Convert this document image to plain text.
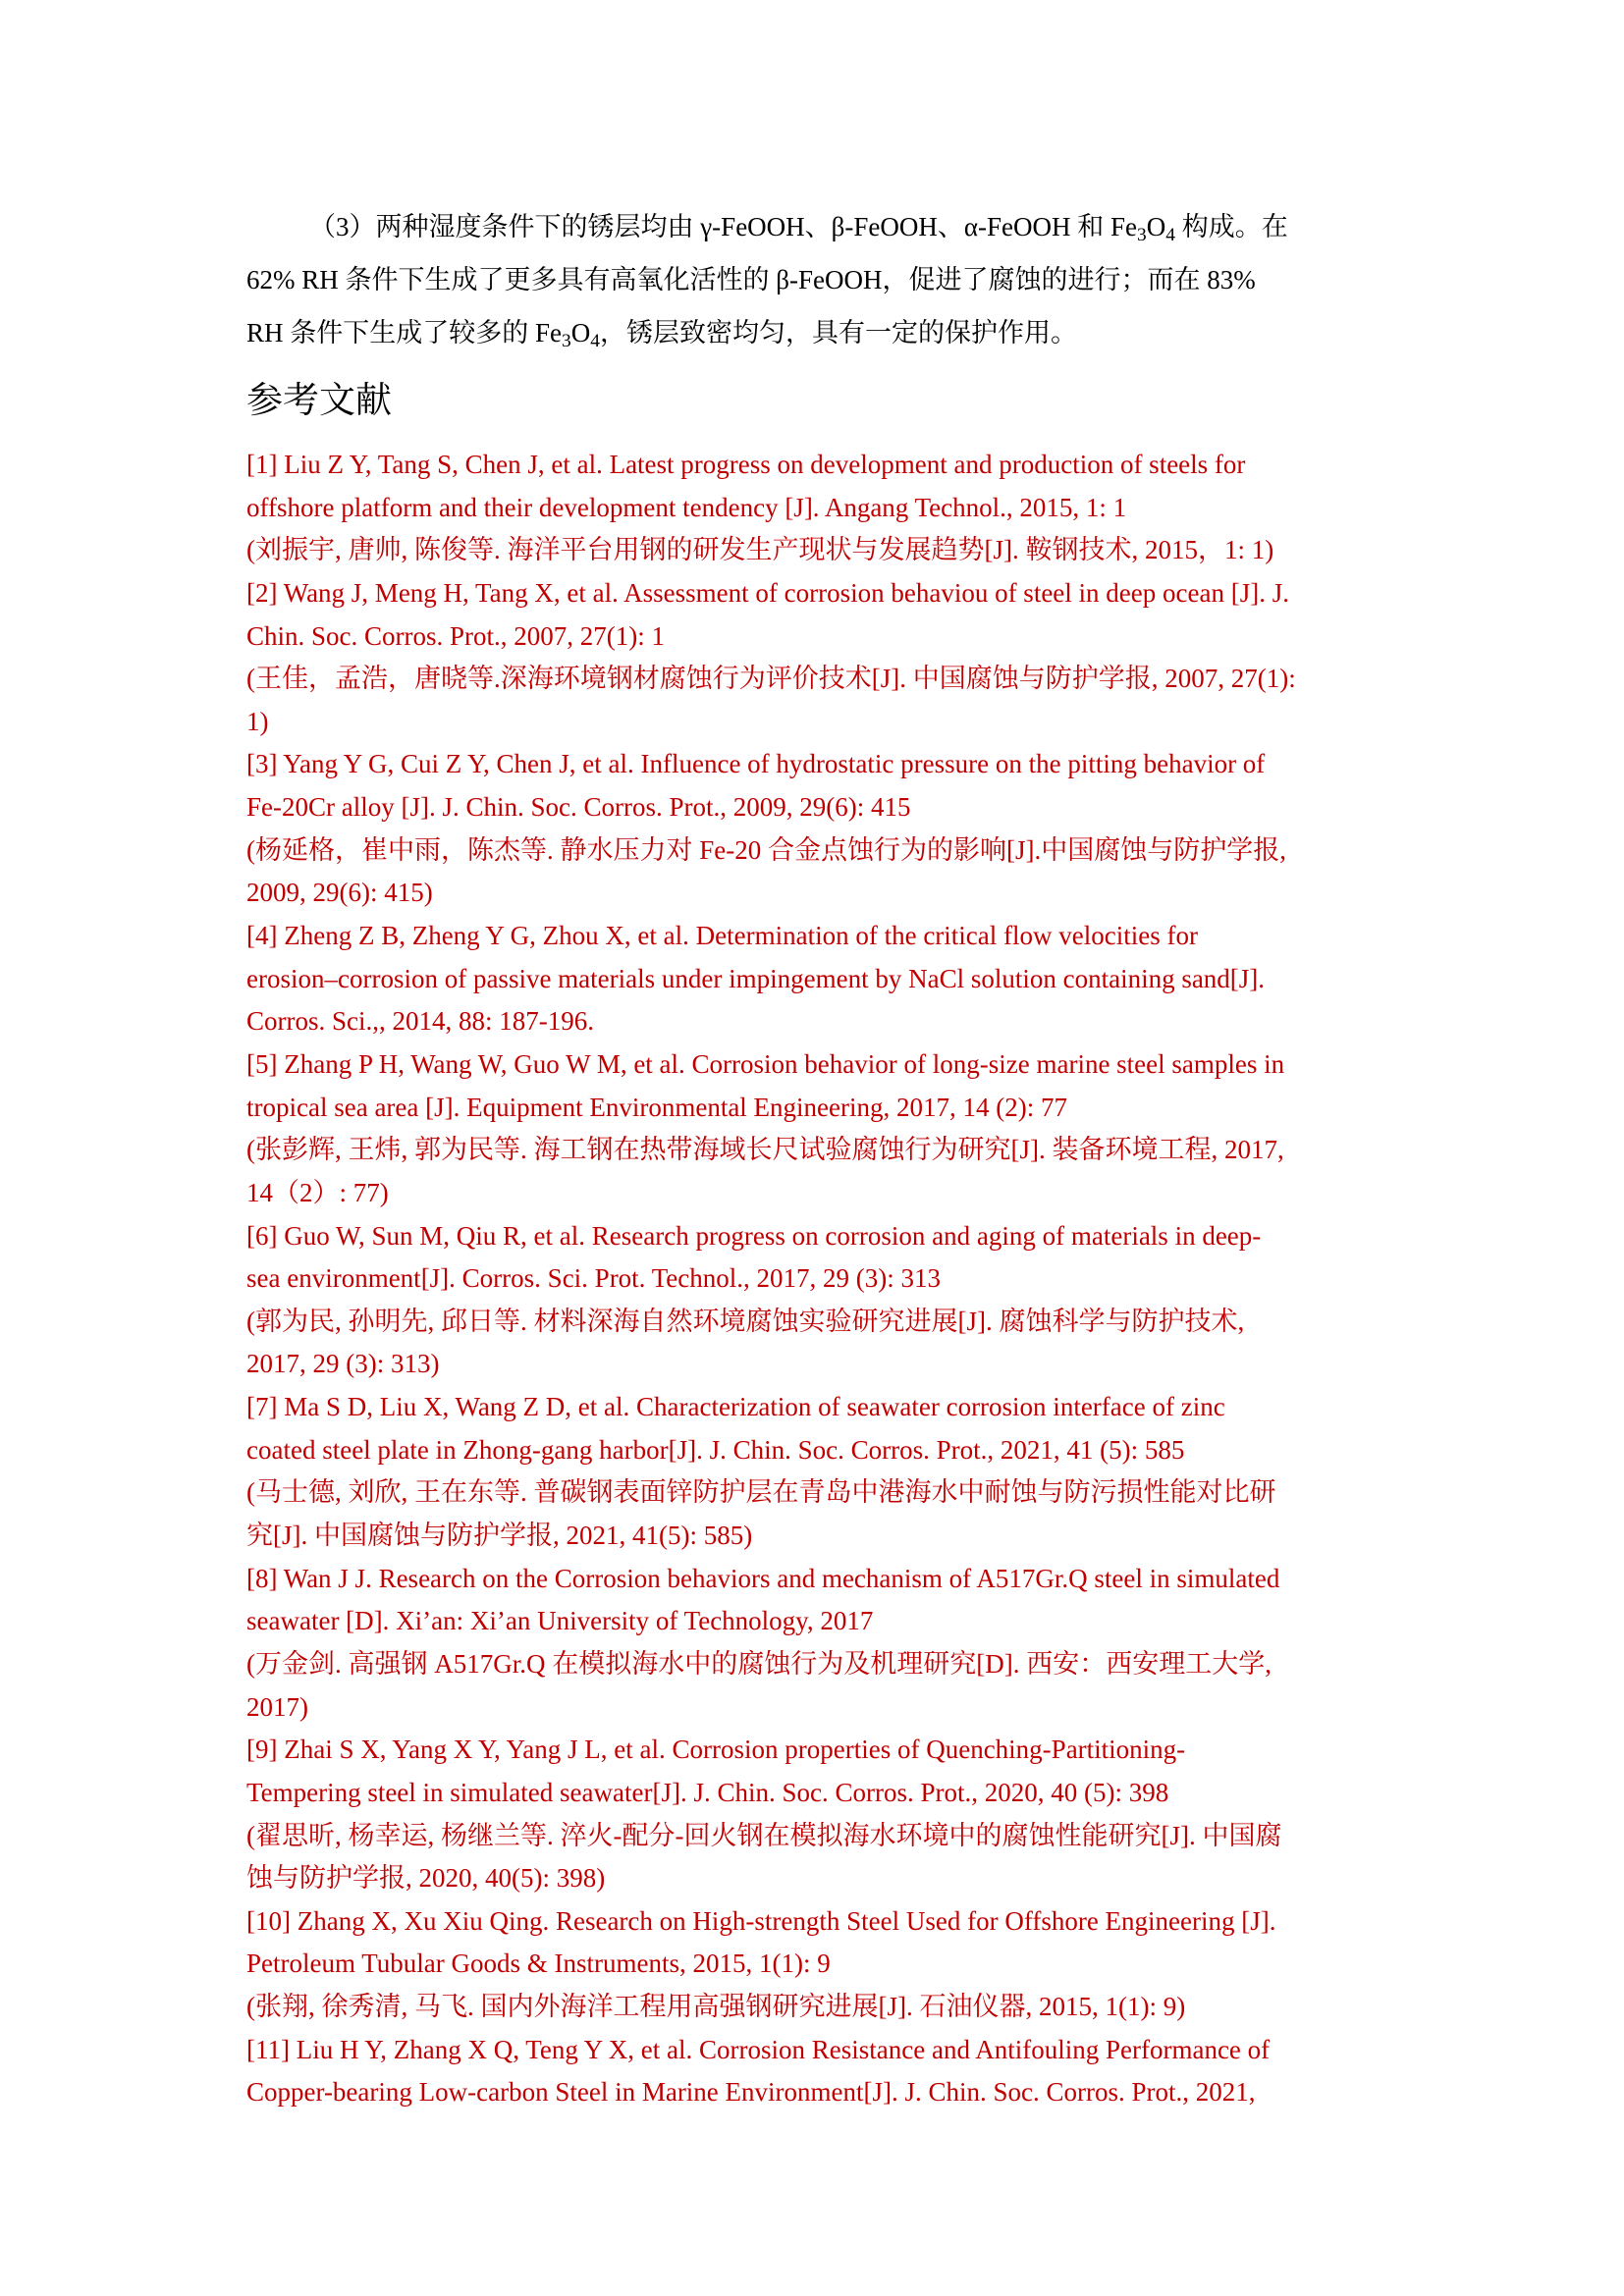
（3）两种湿度条件下的锈层均由 γ-FeOOH、β-FeOOH、α-FeOOH 和 $Fe_3O_4$ 构成。在
62% RH 条件下生成了更多具有高氧化活性的 β-FeOOH，促进了腐蚀的进行；而在 83%
RH 条件下生成了较多的 $Fe_3O_4$，锈层致密均匀，具有一定的保护作用。
参考文献
[1] Liu Z Y, Tang S, Chen J, et al. Latest progress on development and production of steels for
offshore platform and their development tendency [J]. Angang Technol., 2015, 1: 1
(刘振宇, 唐帅, 陈俊等. 海洋平台用钢的研发生产现状与发展趋势[J]. 鞍钢技术, 2015，1: 1)
[2] Wang J, Meng H, Tang X, et al. Assessment of corrosion behaviou of steel in deep ocean [J]. J.
Chin. Soc. Corros. Prot., 2007, 27(1): 1
(王佳，孟浩，唐晓等.深海环境钢材腐蚀行为评价技术[J]. 中国腐蚀与防护学报, 2007, 27(1):
1)
[3] Yang Y G, Cui Z Y, Chen J, et al. Influence of hydrostatic pressure on the pitting behavior of
Fe-20Cr alloy [J]. J. Chin. Soc. Corros. Prot., 2009, 29(6): 415
(杨延格，崔中雨，陈杰等. 静水压力对 Fe-20 合金点蚀行为的影响[J].中国腐蚀与防护学报,
2009, 29(6): 415)
[4] Zheng Z B, Zheng Y G, Zhou X, et al. Determination of the critical flow velocities for
erosion–corrosion of passive materials under impingement by NaCl solution containing sand[J].
Corros. Sci.,, 2014, 88: 187-196.
[5] Zhang P H, Wang W, Guo W M, et al. Corrosion behavior of long-size marine steel samples in
tropical sea area [J]. Equipment Environmental Engineering, 2017, 14 (2): 77
(张彭辉, 王炜, 郭为民等. 海工钢在热带海域长尺试验腐蚀行为研究[J]. 装备环境工程, 2017,
14（2）: 77)
[6] Guo W, Sun M, Qiu R, et al. Research progress on corrosion and aging of materials in deep-
sea environment[J]. Corros. Sci. Prot. Technol., 2017, 29 (3): 313
(郭为民, 孙明先, 邱日等. 材料深海自然环境腐蚀实验研究进展[J]. 腐蚀科学与防护技术,
2017, 29 (3): 313)
[7] Ma S D, Liu X, Wang Z D, et al. Characterization of seawater corrosion interface of zinc
coated steel plate in Zhong-gang harbor[J]. J. Chin. Soc. Corros. Prot., 2021, 41 (5): 585
(马士德, 刘欣, 王在东等. 普碳钢表面锌防护层在青岛中港海水中耐蚀与防污损性能对比研
究[J]. 中国腐蚀与防护学报, 2021, 41(5): 585)
[8] Wan J J. Research on the Corrosion behaviors and mechanism of A517Gr.Q steel in simulated
seawater [D]. Xi’an: Xi’an University of Technology, 2017
(万金剑. 高强钢 A517Gr.Q 在模拟海水中的腐蚀行为及机理研究[D]. 西安：西安理工大学,
2017)
[9] Zhai S X, Yang X Y, Yang J L, et al. Corrosion properties of Quenching-Partitioning-
Tempering steel in simulated seawater[J]. J. Chin. Soc. Corros. Prot., 2020, 40 (5): 398
(翟思昕, 杨幸运, 杨继兰等. 淬火-配分-回火钢在模拟海水环境中的腐蚀性能研究[J]. 中国腐
蚀与防护学报, 2020, 40(5): 398)
[10] Zhang X, Xu Xiu Qing. Research on High-strength Steel Used for Offshore Engineering [J].
Petroleum Tubular Goods & Instruments, 2015, 1(1): 9
(张翔, 徐秀清, 马飞. 国内外海洋工程用高强钢研究进展[J]. 石油仪器, 2015, 1(1): 9)
[11] Liu H Y, Zhang X Q, Teng Y X, et al. Corrosion Resistance and Antifouling Performance of
Copper-bearing Low-carbon Steel in Marine Environment[J]. J. Chin. Soc. Corros. Prot., 2021,
